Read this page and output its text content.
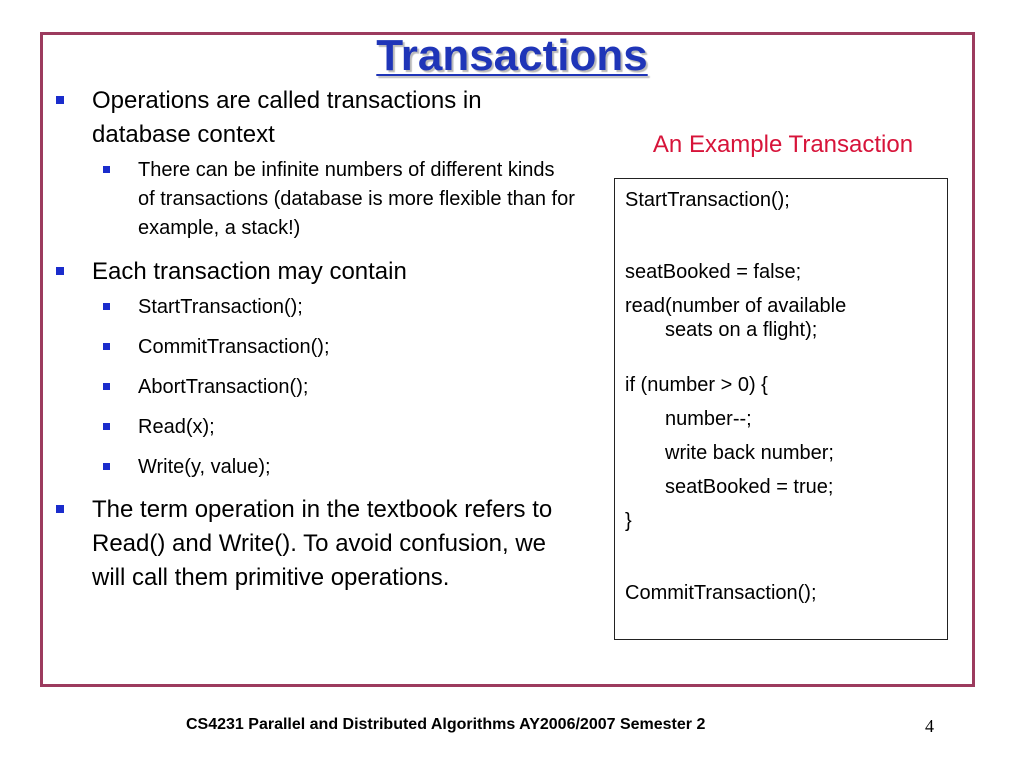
Transactions
Operations are called transactions in database context
There can be infinite numbers of different kinds of transactions (database is more flexible than for example, a stack!)
Each transaction may contain
StartTransaction();
CommitTransaction();
AbortTransaction();
Read(x);
Write(y, value);
The term operation in the textbook refers to Read() and Write(). To avoid confusion, we will call them primitive operations.
An Example Transaction
StartTransaction();
seatBooked = false;
read(number of available
seats on a flight);
if (number > 0) {
number--;
write back number;
seatBooked = true;
}
CommitTransaction();
CS4231 Parallel and Distributed Algorithms AY2006/2007 Semester 2	4
